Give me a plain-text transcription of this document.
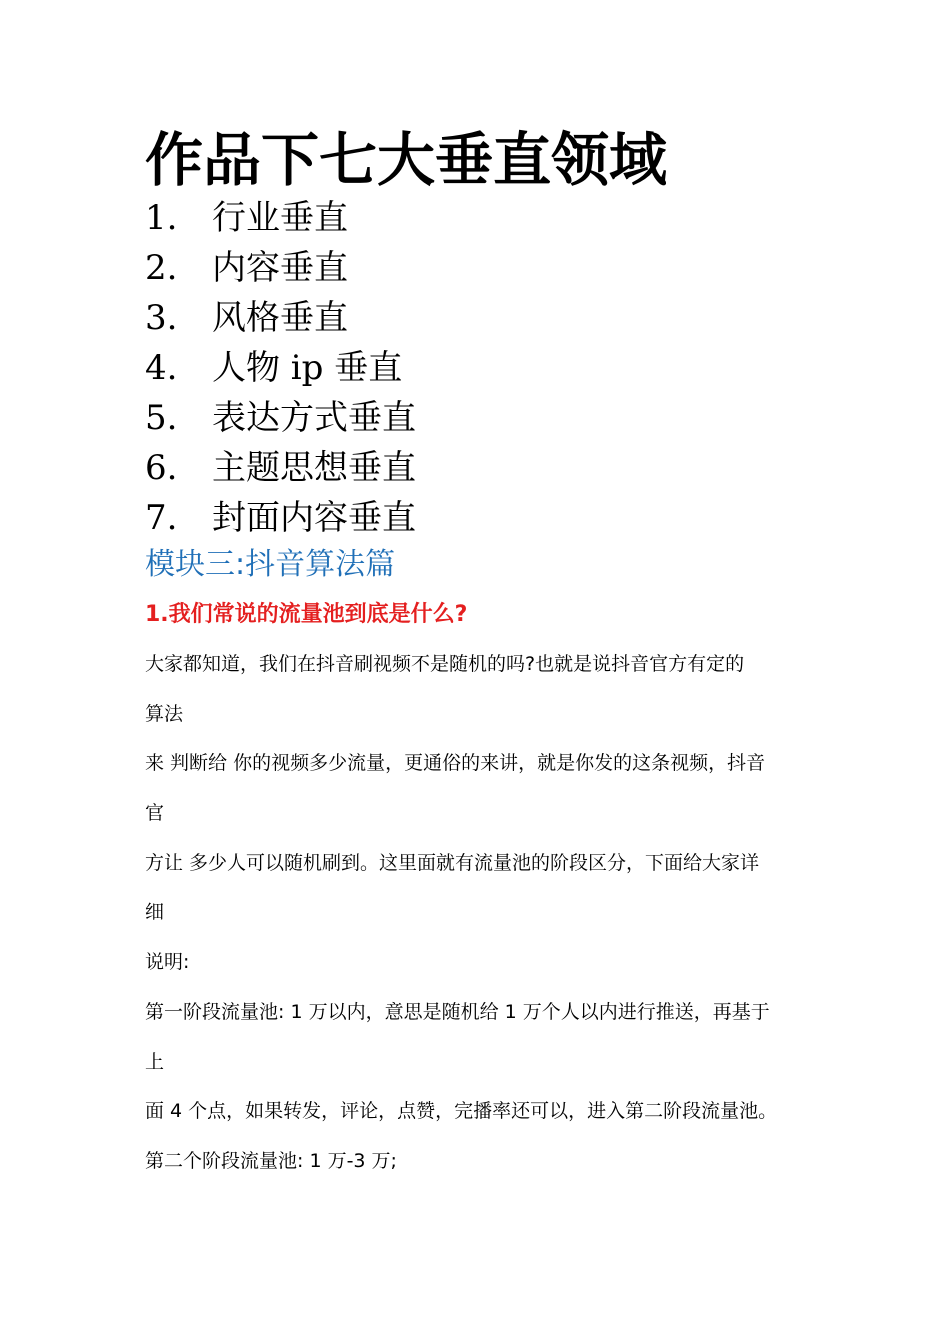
作品下七大垂直领域
1. 行业垂直
2. 内容垂直
3. 风格垂直
4. 人物 ip 垂直
5. 表达方式垂直
6. 主题思想垂直
7. 封面内容垂直
模块三:抖音算法篇
1.我们常说的流量池到底是什么?
大家都知道，我们在抖音刷视频不是随机的吗?也就是说抖音官方有定的
算法
来 判断给 你的视频多少流量，更通俗的来讲，就是你发的这条视频，抖音
官
方让 多少人可以随机刷到。这里面就有流量池的阶段区分，下面给大家详
细
说明:
第一阶段流量池: 1 万以内，意思是随机给 1 万个人以内进行推送，再基于
上
面 4 个点，如果转发，评论，点赞，完播率还可以，进入第二阶段流量池。
第二个阶段流量池: 1 万-3 万;
